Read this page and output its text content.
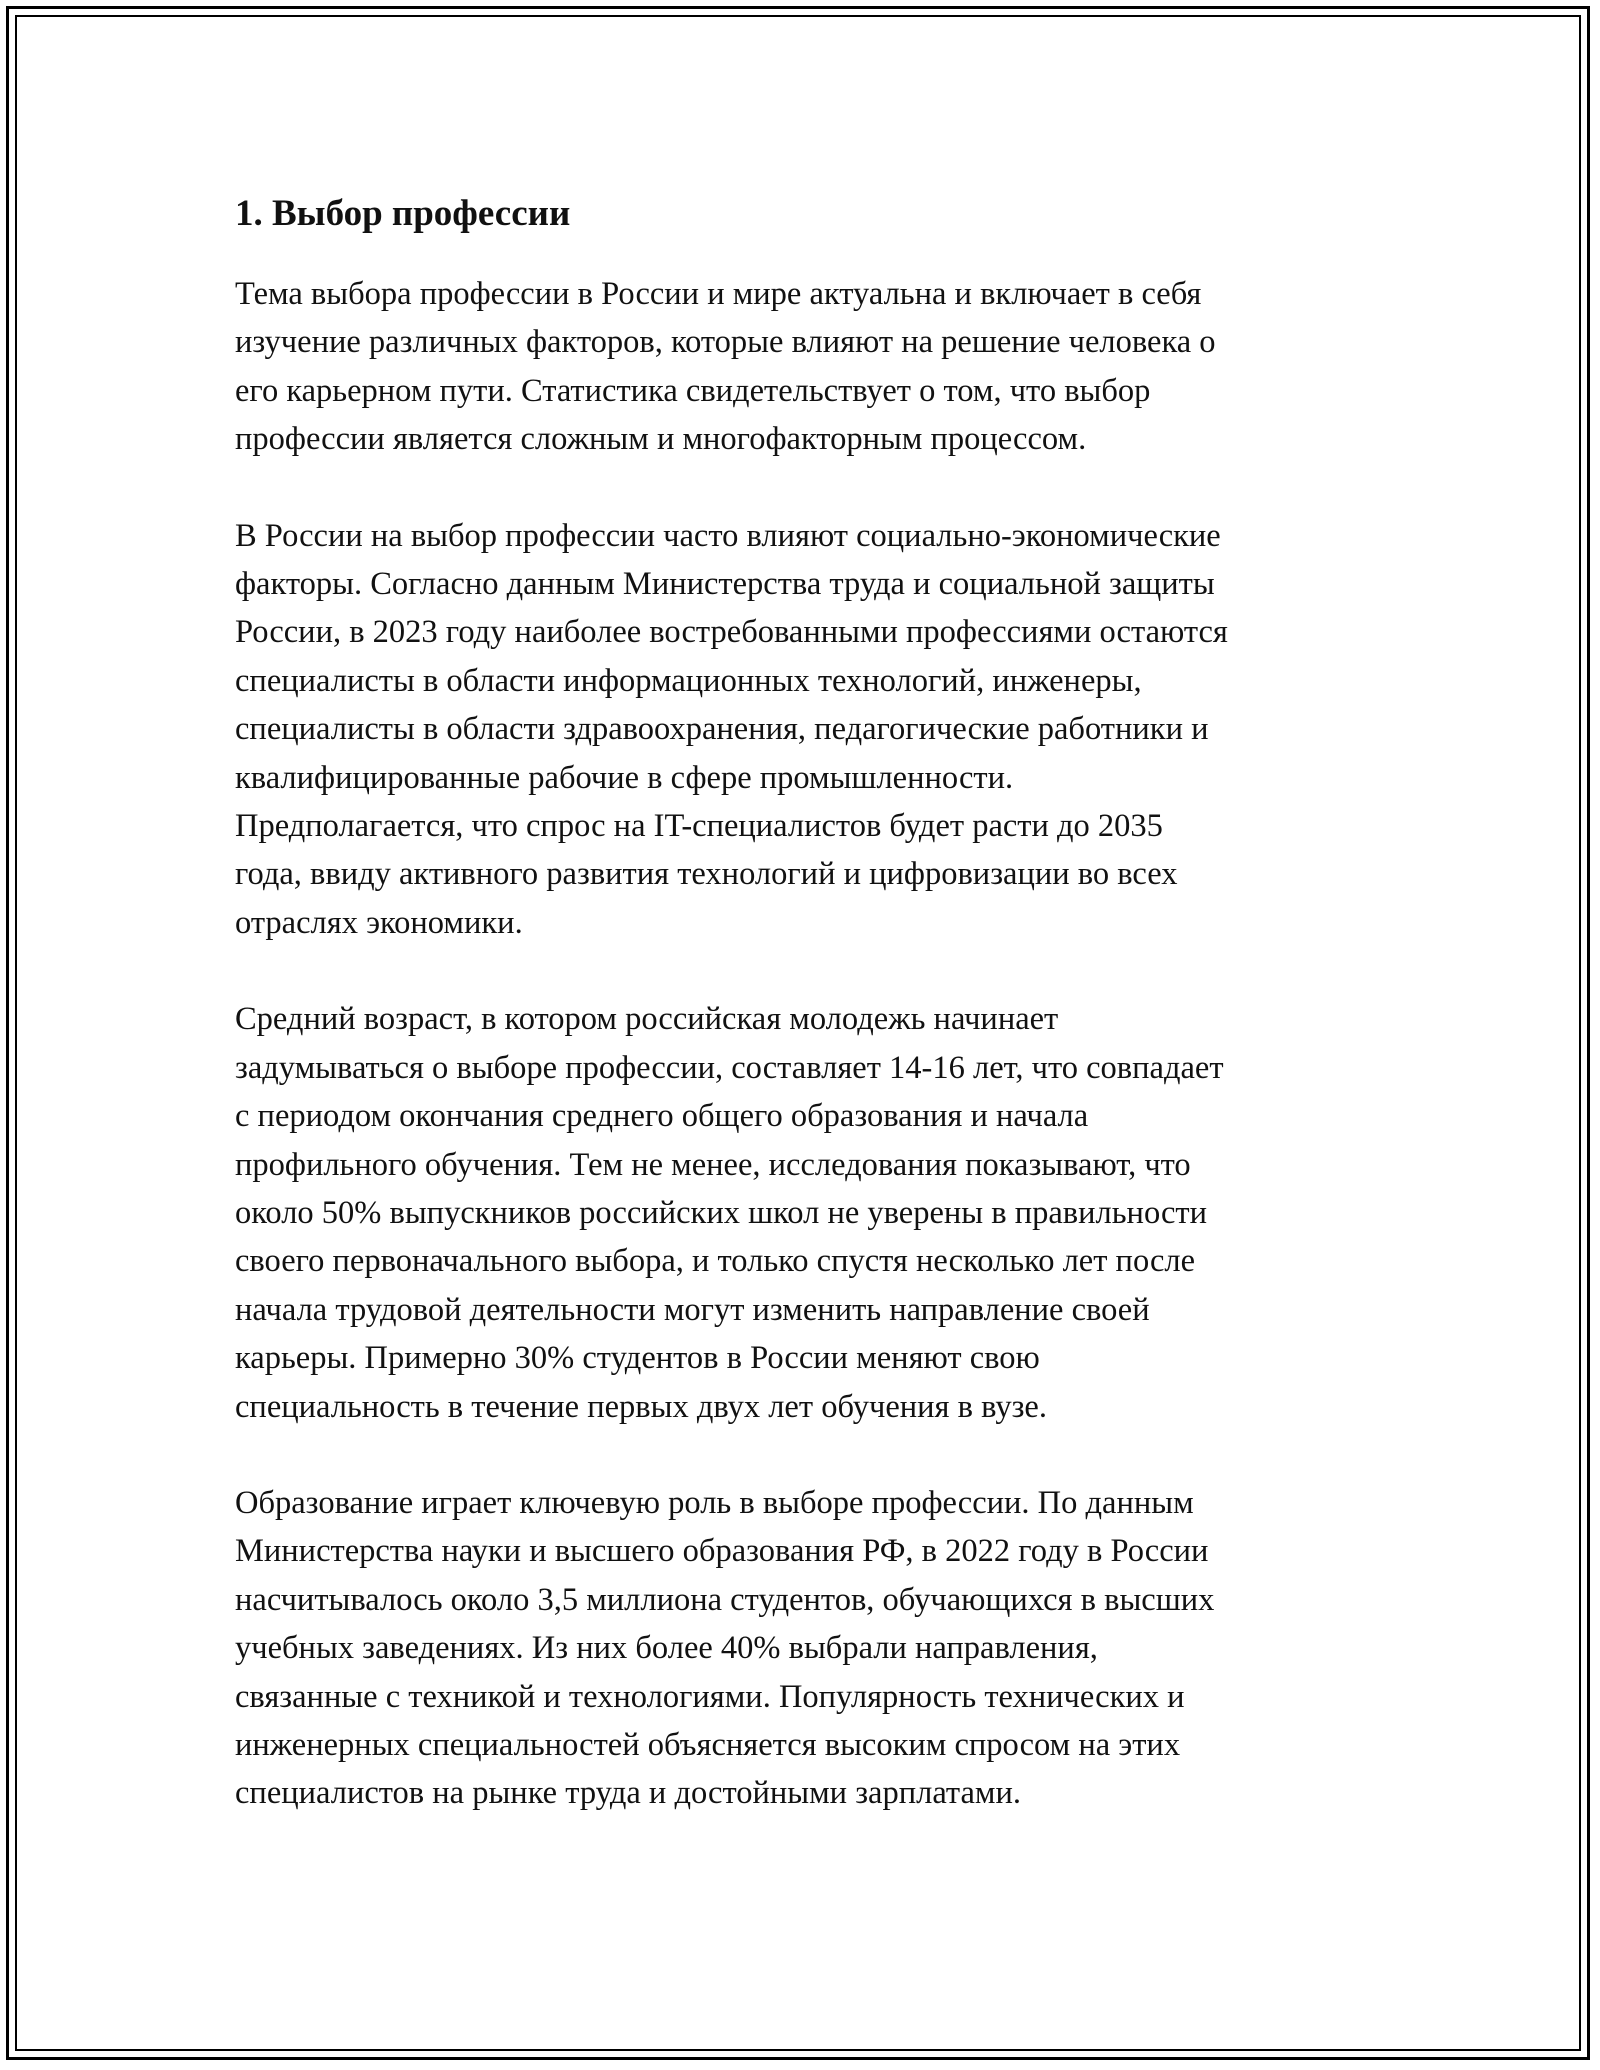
1. Выбор профессии

Тема выбора профессии в России и мире актуальна и включает в себя
изучение различных факторов, которые влияют на решение человека о
его карьерном пути. Статистика свидетельствует о том, что выбор
профессии является сложным и многофакторным процессом.

В России на выбор профессии часто влияют социально-экономические
факторы. Согласно данным Министерства труда и социальной защиты
России, в 2023 году наиболее востребованными профессиями остаются
специалисты в области информационных технологий, инженеры,
специалисты в области здравоохранения, педагогические работники и
квалифицированные рабочие в сфере промышленности.
Предполагается, что спрос на IT-специалистов будет расти до 2035
года, ввиду активного развития технологий и цифровизации во всех
отраслях экономики.

Средний возраст, в котором российская молодежь начинает
задумываться о выборе профессии, составляет 14-16 лет, что совпадает
с периодом окончания среднего общего образования и начала
профильного обучения. Тем не менее, исследования показывают, что
около 50% выпускников российских школ не уверены в правильности
своего первоначального выбора, и только спустя несколько лет после
начала трудовой деятельности могут изменить направление своей
карьеры. Примерно 30% студентов в России меняют свою
специальность в течение первых двух лет обучения в вузе.

Образование играет ключевую роль в выборе профессии. По данным
Министерства науки и высшего образования РФ, в 2022 году в России
насчитывалось около 3,5 миллиона студентов, обучающихся в высших
учебных заведениях. Из них более 40% выбрали направления,
связанные с техникой и технологиями. Популярность технических и
инженерных специальностей объясняется высоким спросом на этих
специалистов на рынке труда и достойными зарплатами.
